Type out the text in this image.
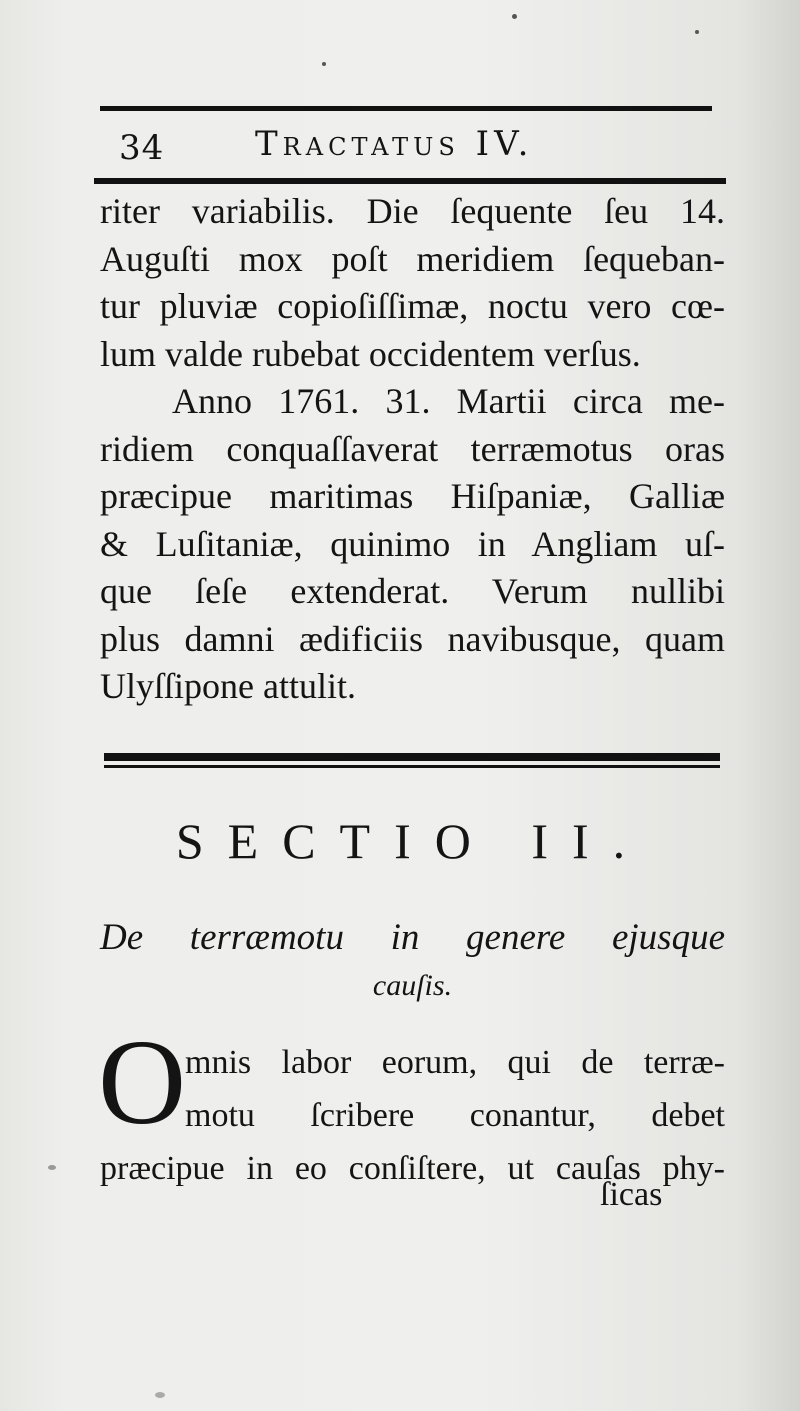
34	Tractatus IV.
riter variabilis. Die ſequente ſeu 14.
Auguſti mox poſt meridiem ſequeban-
tur pluviæ copioſiſſimæ, noctu vero cœ-
lum valde rubebat occidentem verſus.
Anno 1761. 31. Martii circa me-
ridiem conquaſſaverat terræmotus oras
præcipue maritimas Hiſpaniæ, Galliæ
& Luſitaniæ, quinimo in Angliam uſ-
que ſeſe extenderat. Verum nullibi
plus damni ædificiis navibusque, quam
Ulyſſipone attulit.
SECTIO II.
De terræmotu in genere ejusque
cauſis.
O
mnis labor eorum, qui de terræ-
motu ſcribere conantur, debet
præcipue in eo conſiſtere, ut cauſas phy-
ſicas
